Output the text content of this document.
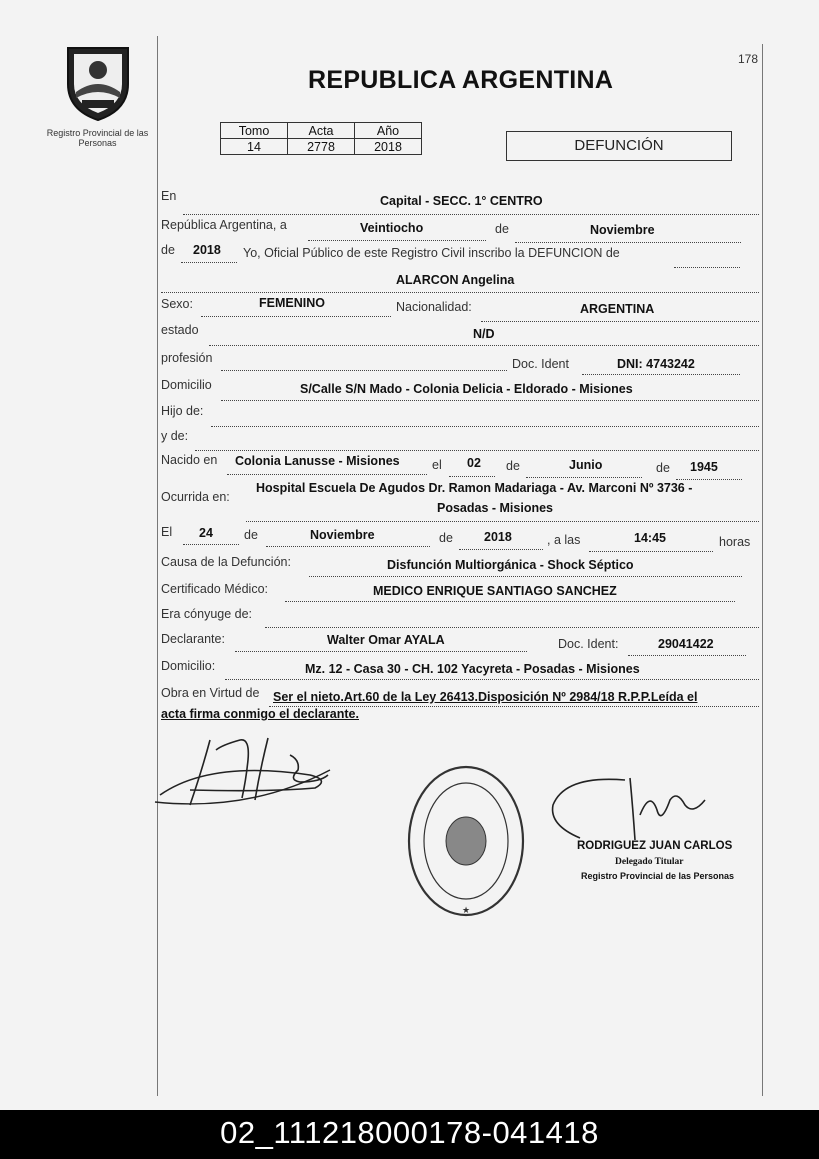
Registro Provincial de las Personas
178
REPUBLICA ARGENTINA
Tomo	Acta	Año
14	2778	2018	DEFUNCIÓN
En	Capital - SECC. 1° CENTRO
República Argentina, a	Veintiocho	de	Noviembre
de 2018 Yo, Oficial Público de este Registro Civil inscribo la DEFUNCION de
ALARCON Angelina
Sexo:	FEMENINO	Nacionalidad:	ARGENTINA
estado	N/D
profesión	Doc. Ident	DNI: 4743242
Domicilio	S/Calle S/N Mado - Colonia Delicia - Eldorado - Misiones
Hijo de:
y de:
Nacido en Colonia Lanusse - Misiones	el 02 de	Junio	de 1945
Ocurrida en:
Hospital Escuela De Agudos Dr. Ramon Madariaga - Av. Marconi Nº 3736 -
Posadas - Misiones
El 24 de	Noviembre	de 2018	, a las	14:45	horas
Causa de la Defunción:	Disfunción Multiorgánica - Shock Séptico
Certificado Médico:	MEDICO ENRIQUE SANTIAGO SANCHEZ
Era cónyuge de:
Declarante:	Walter Omar AYALA	Doc. Ident:	29041422
Domicilio:	Mz. 12 - Casa 30 - CH. 102 Yacyreta - Posadas - Misiones
Obra en Virtud de Ser el nieto.Art.60 de la Ley 26413.Disposición Nº 2984/18 R.P.P.Leída el
acta firma conmigo el declarante.
★
RODRIGUEZ JUAN CARLOS
Delegado Titular
Registro Provincial de las Personas
02_111218000178-041418
